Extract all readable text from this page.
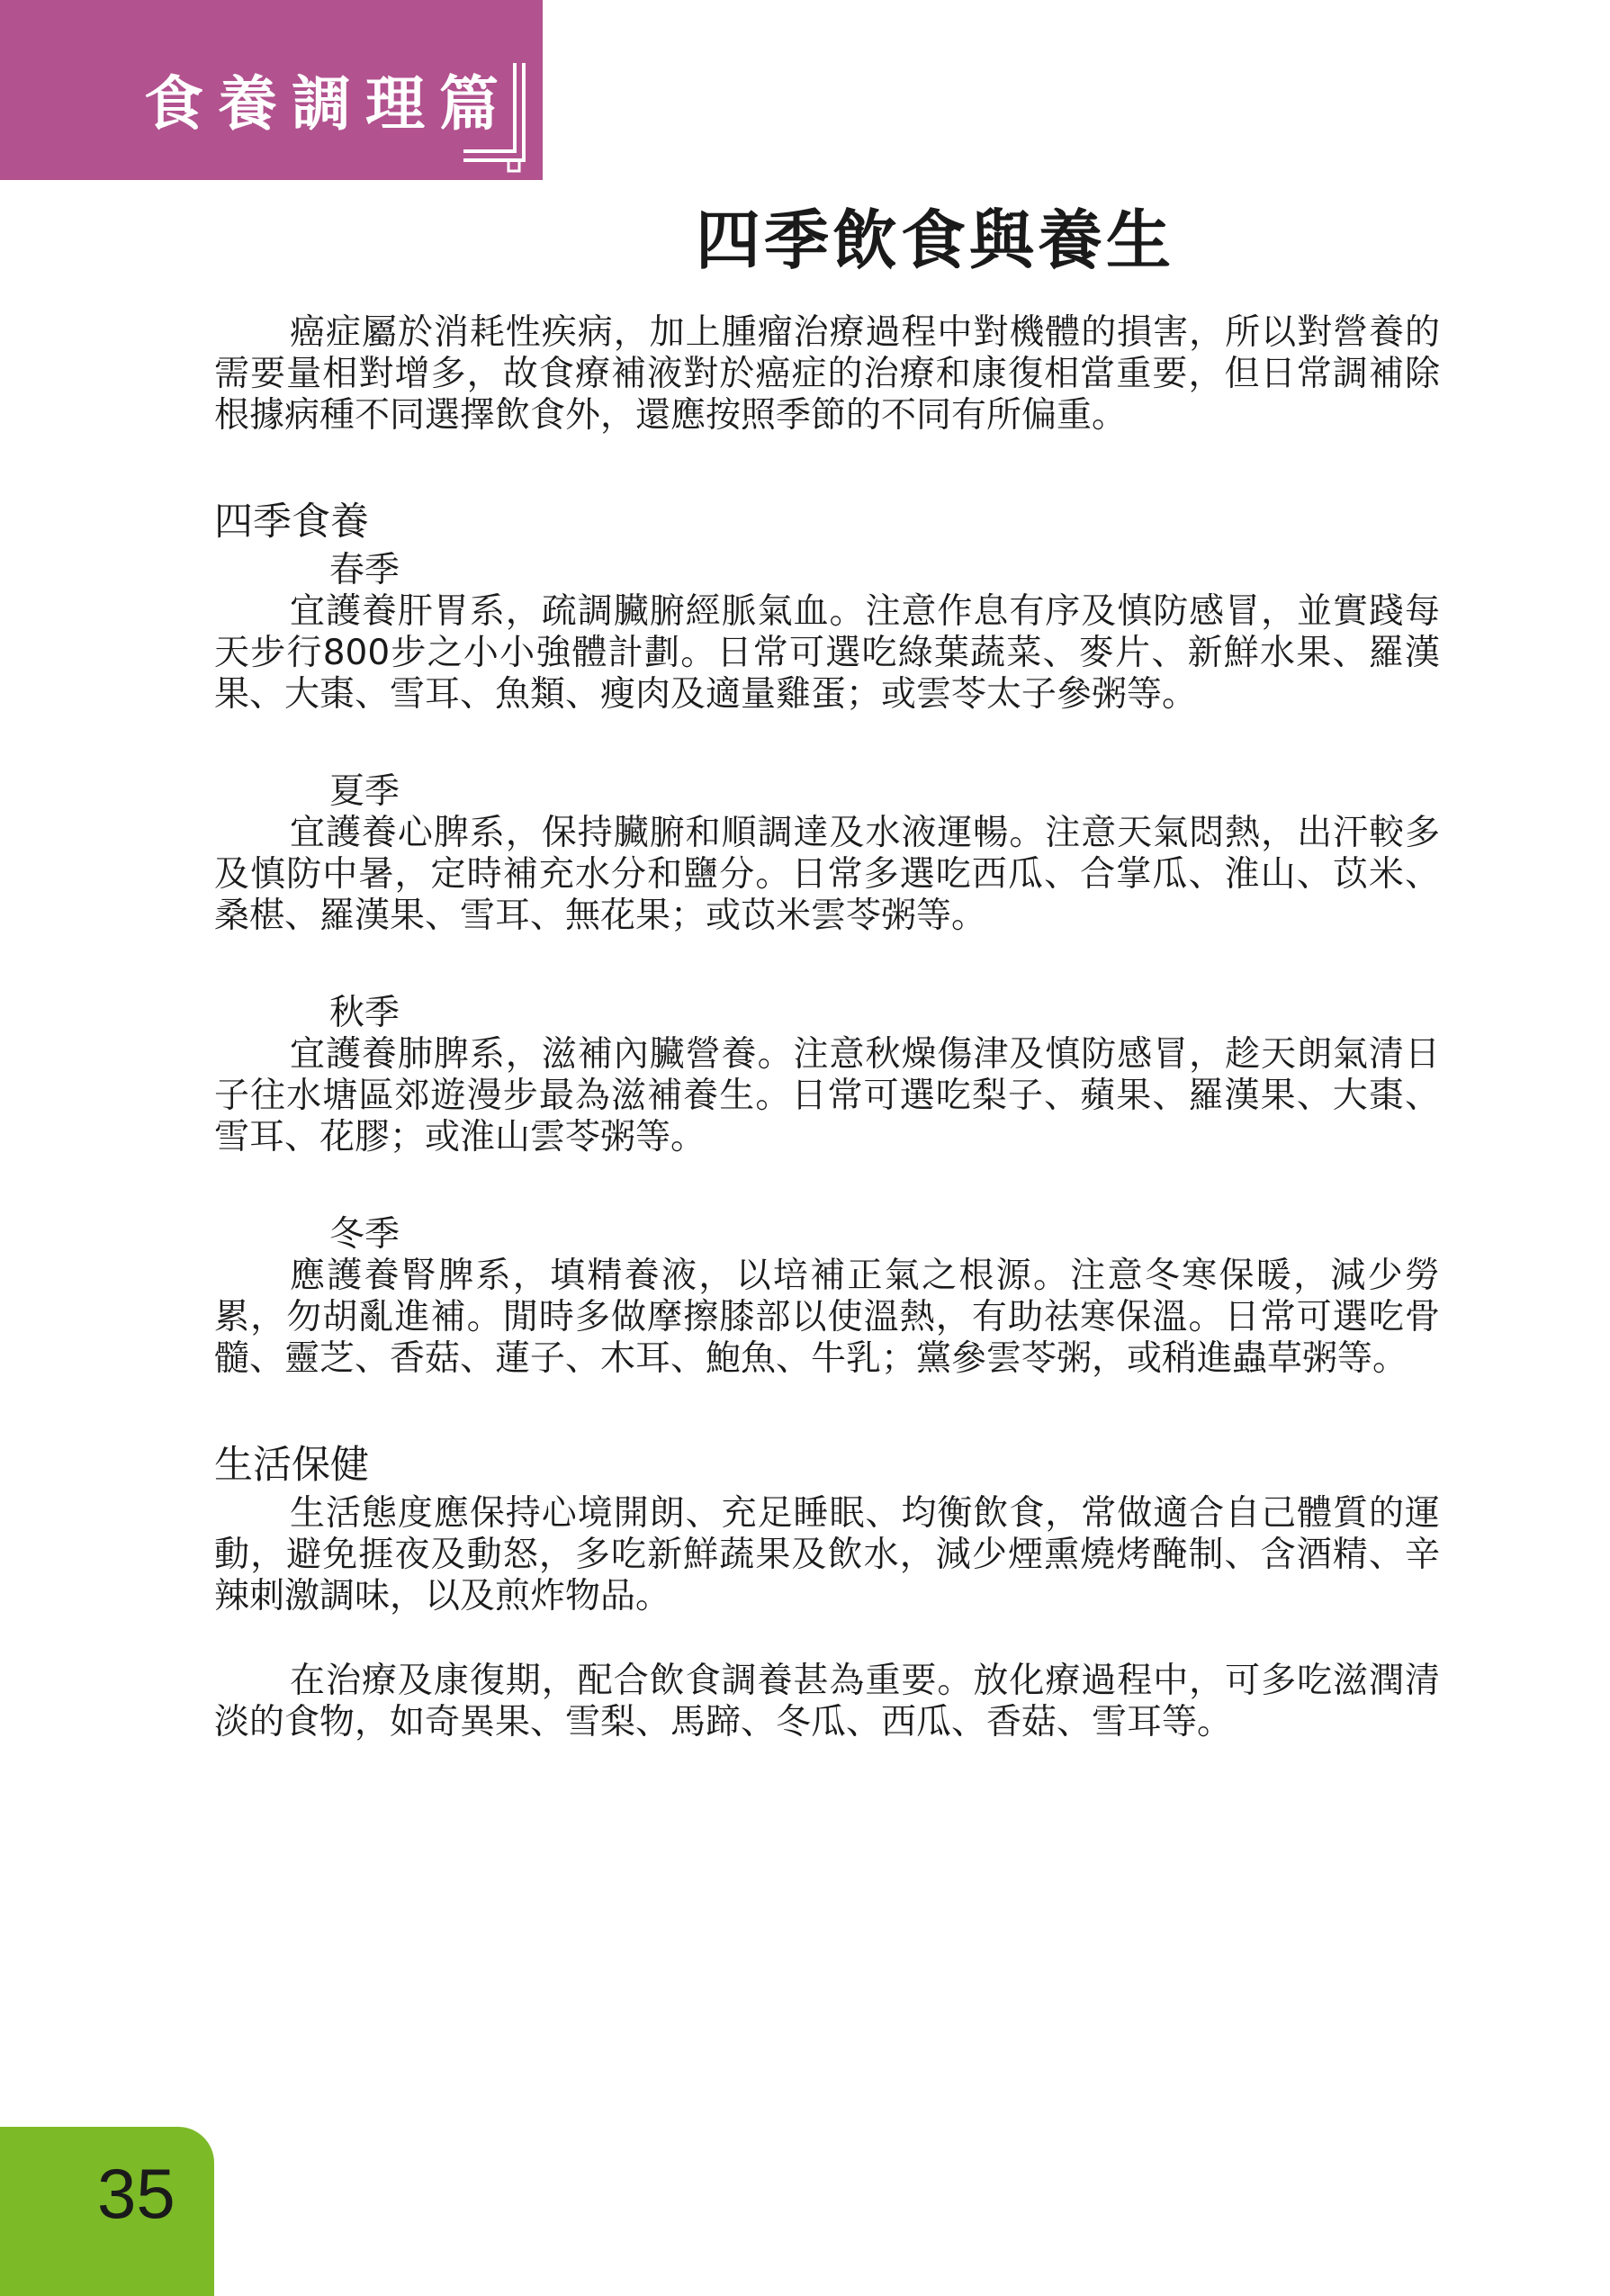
食養調理篇
四季飲食與養生

癌症屬於消耗性疾病，加上腫瘤治療過程中對機體的損害，所以對營養的需要量相對增多，故食療補液對於癌症的治療和康復相當重要，但日常調補除根據病種不同選擇飲食外，還應按照季節的不同有所偏重。

四季食養
春季

宜護養肝胃系，疏調臟腑經脈氣血。注意作息有序及慎防感冒，並實踐每天步行800步之小小強體計劃。日常可選吃綠葉蔬菜、麥片、新鮮水果、羅漢果、大棗、雪耳、魚類、瘦肉及適量雞蛋；或雲苓太子參粥等。

夏季

宜護養心脾系，保持臟腑和順調達及水液運暢。注意天氣悶熱，出汗較多及慎防中暑，定時補充水分和鹽分。日常多選吃西瓜、合掌瓜、淮山、苡米、桑椹、羅漢果、雪耳、無花果；或苡米雲苓粥等。

秋季

宜護養肺脾系，滋補內臟營養。注意秋燥傷津及慎防感冒，趁天朗氣清日子往水塘區郊遊漫步最為滋補養生。日常可選吃梨子、蘋果、羅漢果、大棗、雪耳、花膠；或淮山雲苓粥等。

冬季

應護養腎脾系，填精養液，以培補正氣之根源。注意冬寒保暖，減少勞累，勿胡亂進補。閒時多做摩擦膝部以使溫熱，有助祛寒保溫。日常可選吃骨髓、靈芝、香菇、蓮子、木耳、鮑魚、牛乳；黨參雲苓粥，或稍進蟲草粥等。

生活保健

生活態度應保持心境開朗、充足睡眠、均衡飲食，常做適合自己體質的運動，避免捱夜及動怒，多吃新鮮蔬果及飲水，減少煙熏燒烤醃制、含酒精、辛辣刺激調味，以及煎炸物品。

在治療及康復期，配合飲食調養甚為重要。放化療過程中，可多吃滋潤清淡的食物，如奇異果、雪梨、馬蹄、冬瓜、西瓜、香菇、雪耳等。

35
